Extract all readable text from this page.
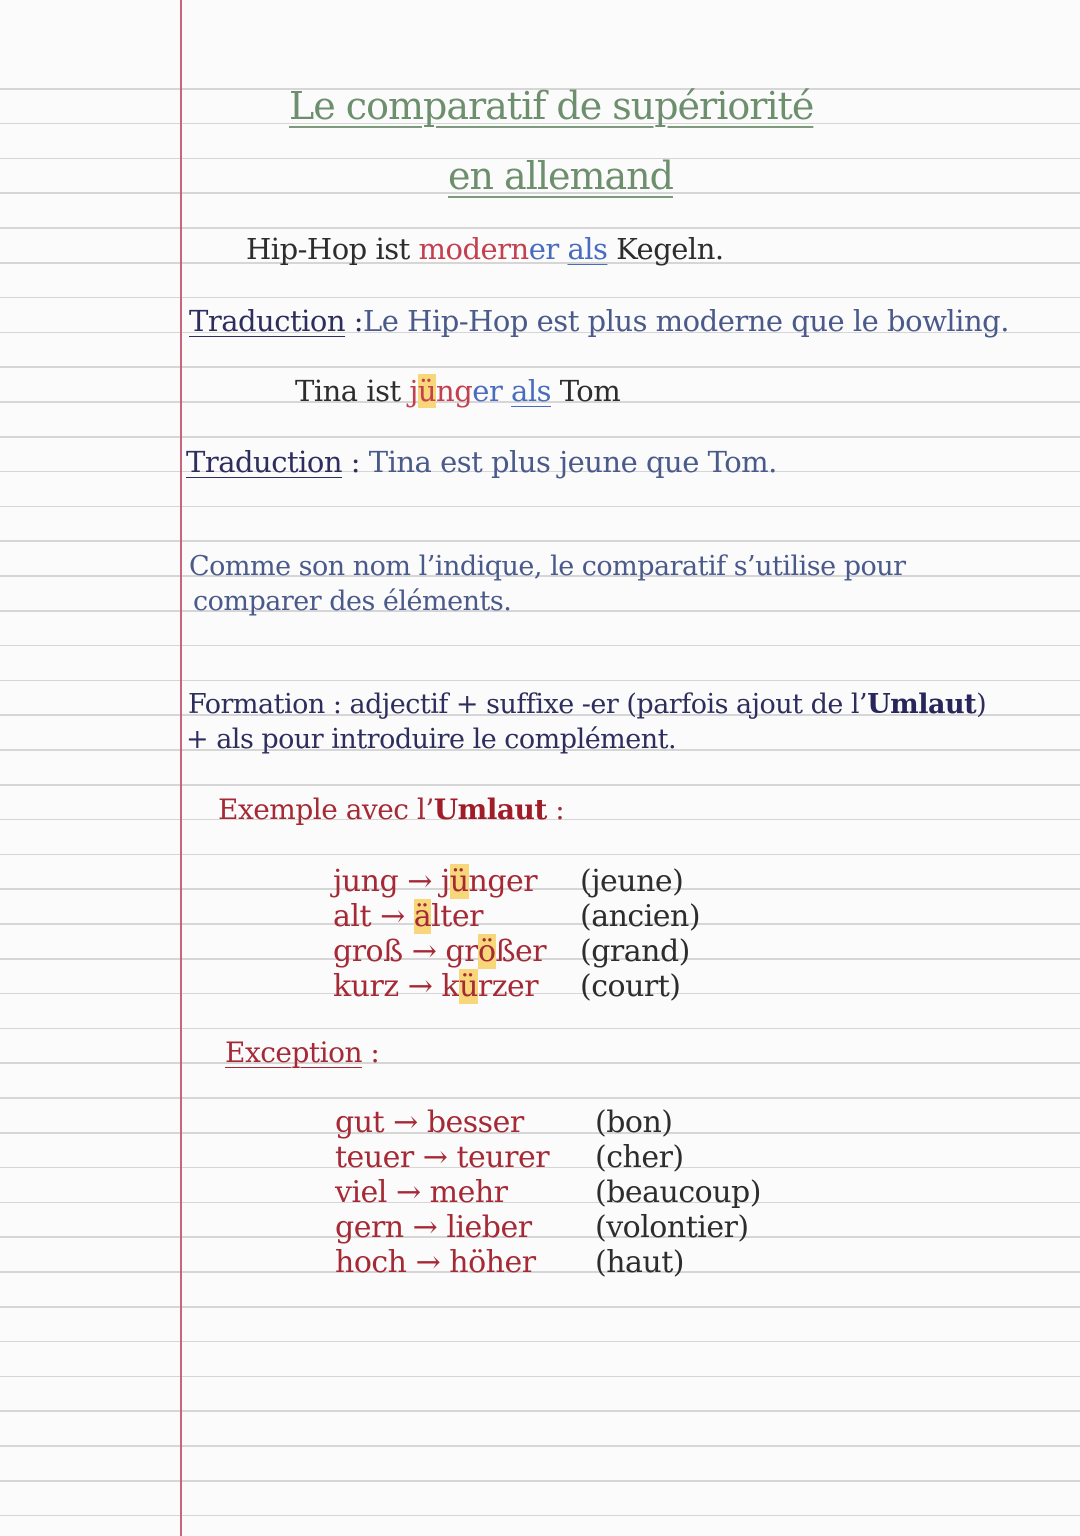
Le comparatif de supériorité
en allemand
Hip-Hop ist moderner als Kegeln.
Traduction :Le Hip-Hop est plus moderne que le bowling.
Tina ist jünger als Tom
Traduction : Tina est plus jeune que Tom.
Comme son nom l’indique, le comparatif s’utilise pour
comparer des éléments.
Formation : adjectif + suffixe -er (parfois ajout de l’Umlaut)
+ als pour introduire le complément.
Exemple avec l’Umlaut :
jung → jünger	(jeune)
alt → älter	(ancien)
groß → größer	(grand)
kurz → kürzer	(court)
Exception :
gut → besser	(bon)
teuer → teurer	(cher)
viel → mehr	(beaucoup)
gern → lieber	(volontier)
hoch → höher	(haut)
